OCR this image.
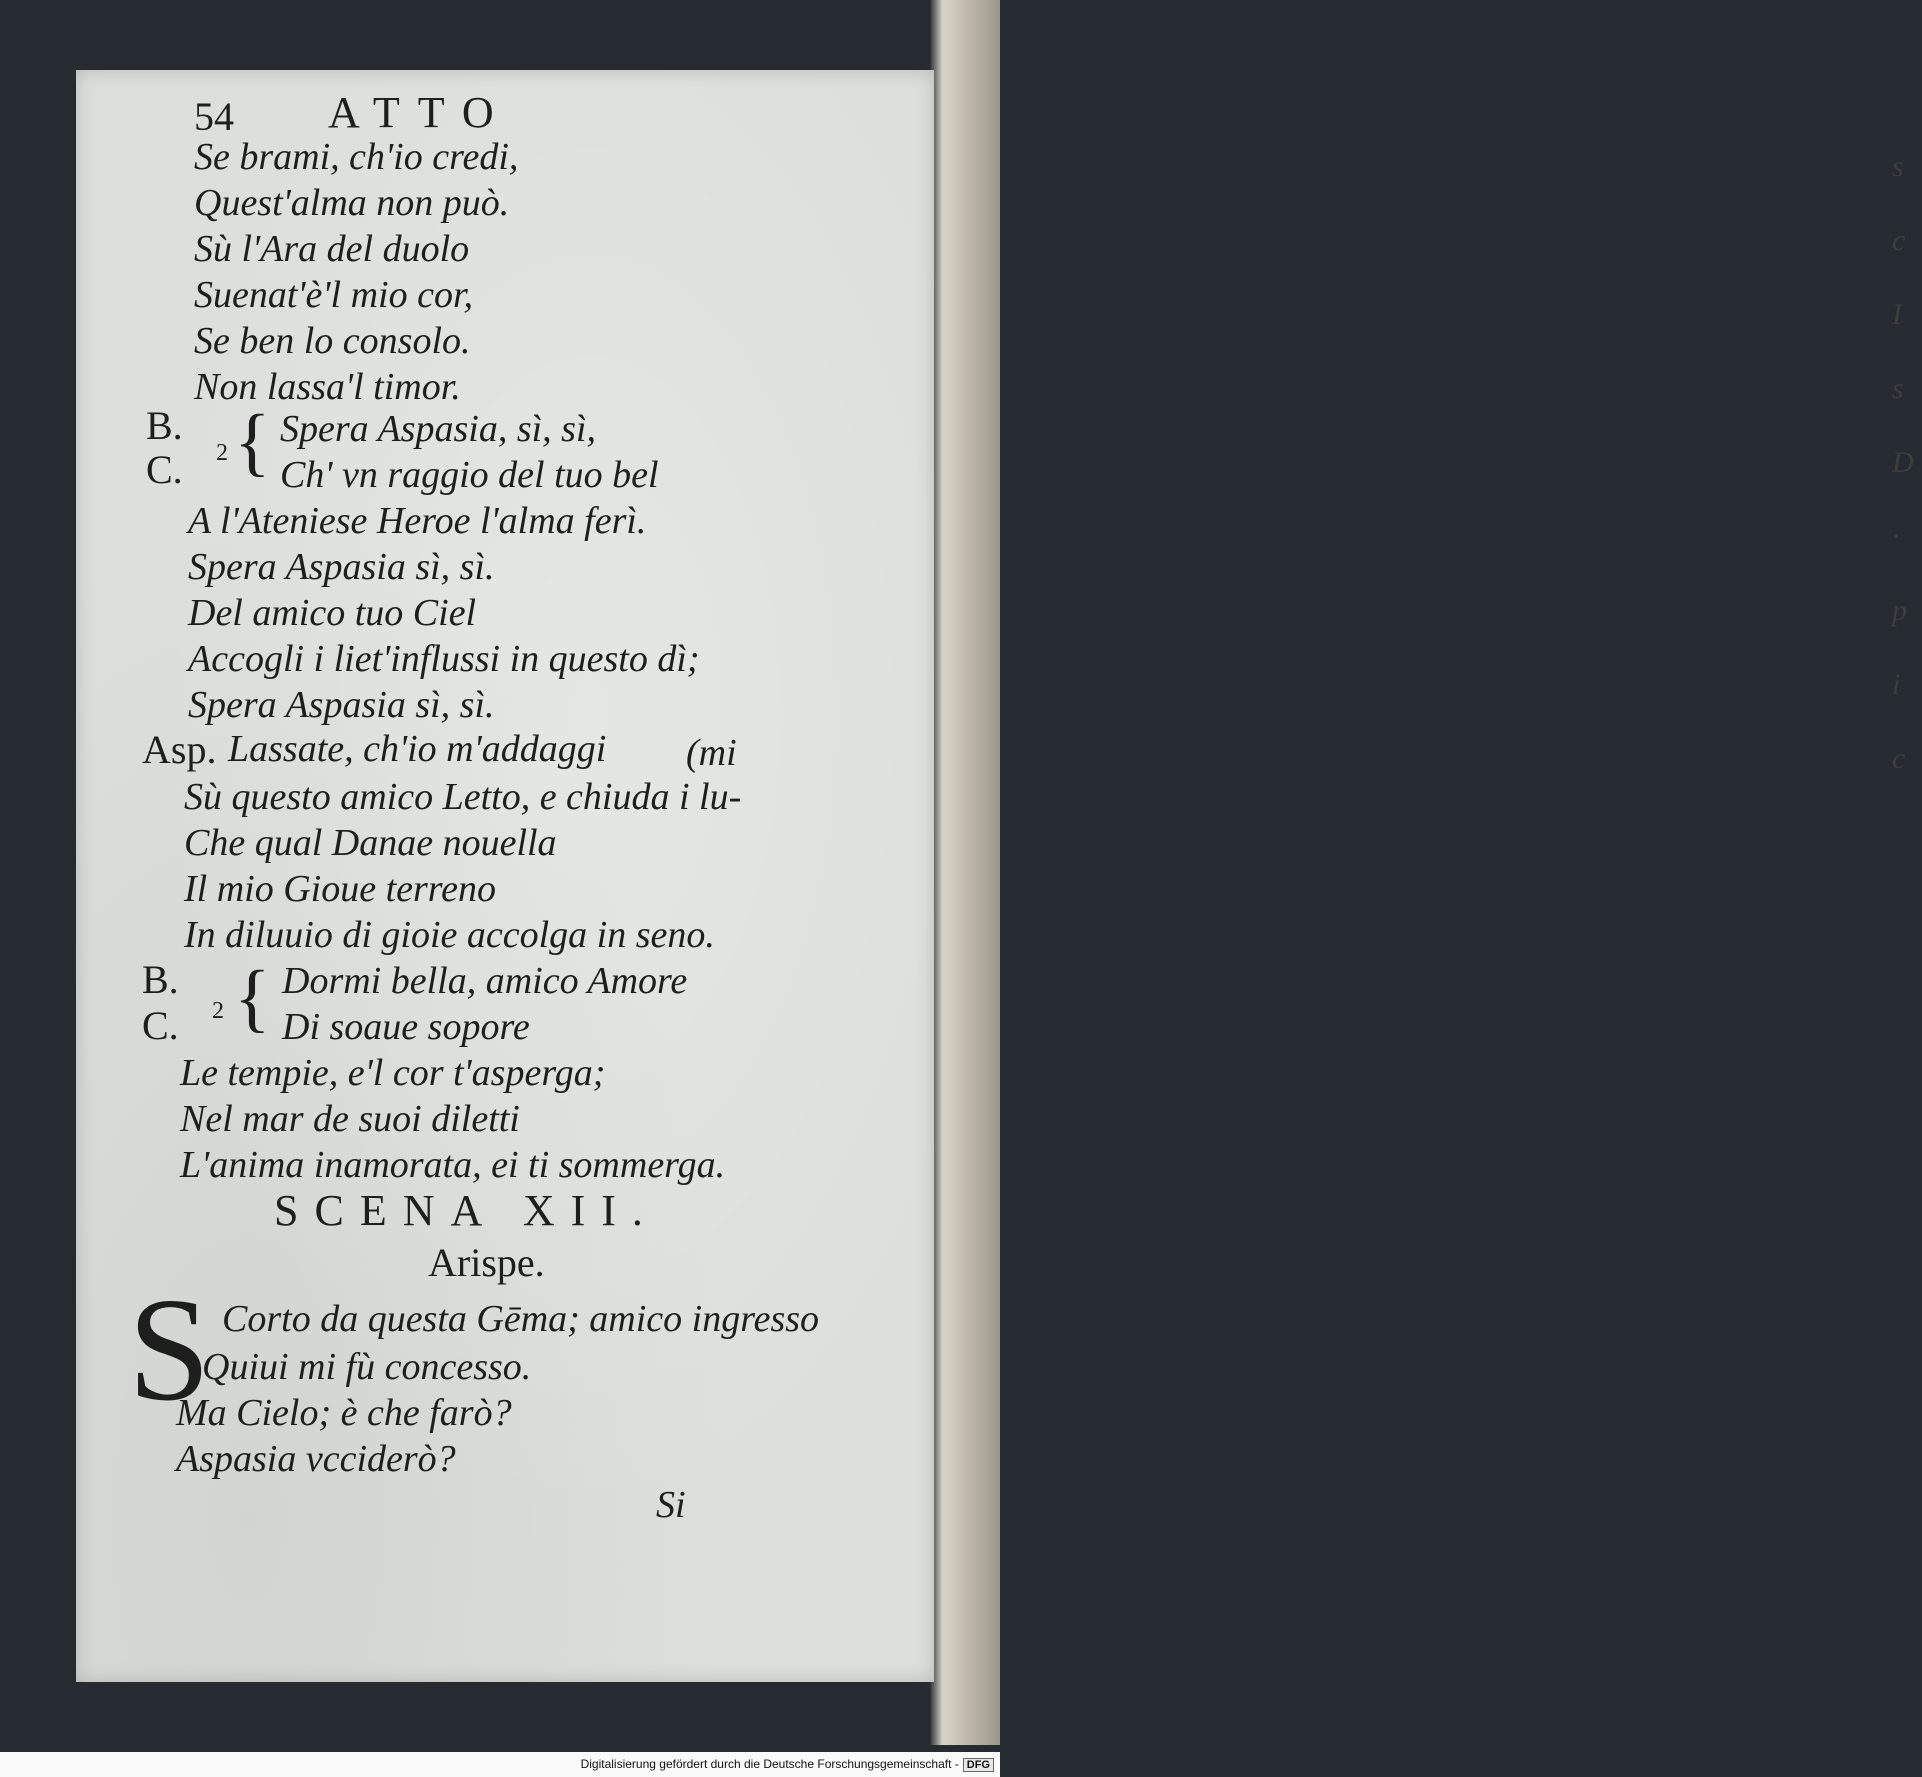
s
c
I
s
D
·
p
i
c
54 ATTO
Se brami, ch'io credi,
Quest'alma non può.
Sù l'Ara del duolo
Suenat'è'l mio cor,
Se ben lo consolo.
Non lassa'l timor.
B.
C. 2 { Spera Aspasia, sì, sì,
Ch' vn raggio del tuo bel
A l'Ateniese Heroe l'alma ferì.
Spera Aspasia sì, sì.
Del amico tuo Ciel
Accogli i liet'influssi in questo dì;
Spera Aspasia sì, sì.
Asp. Lassate, ch'io m'addaggi (mi
Sù questo amico Letto, e chiuda i lu-
Che qual Danae nouella
Il mio Gioue terreno
In diluuio di gioie accolga in seno.
B.
C. 2 { Dormi bella, amico Amore
Di soaue sopore
Le tempie, e'l cor t'asperga;
Nel mar de suoi diletti
L'anima inamorata, ei ti sommerga.
SCENA XII.
Arispe.
S Corto da questa Gēma; amico ingresso
Quiui mi fù concesso.
Ma Cielo; è che farò?
Aspasia vcciderò?
Si
Digitalisierung gefördert durch die Deutsche Forschungsgemeinschaft - DFG
